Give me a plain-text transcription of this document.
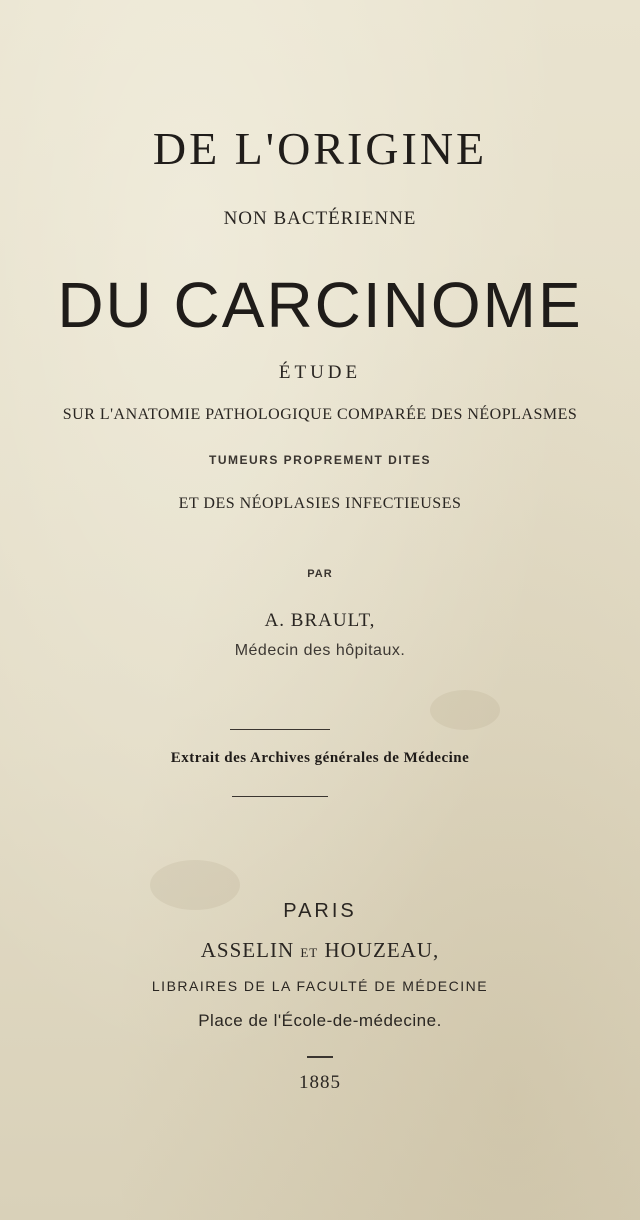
DE L'ORIGINE
NON BACTÉRIENNE
DU CARCINOME
ÉTUDE
SUR L'ANATOMIE PATHOLOGIQUE COMPARÉE DES NÉOPLASMES
TUMEURS PROPREMENT DITES
ET DES NÉOPLASIES INFECTIEUSES
PAR
A. BRAULT,
Médecin des hôpitaux.
Extrait des Archives générales de Médecine
PARIS
ASSELIN ET HOUZEAU,
LIBRAIRES DE LA FACULTÉ DE MÉDECINE
Place de l'École-de-médecine.
1885
